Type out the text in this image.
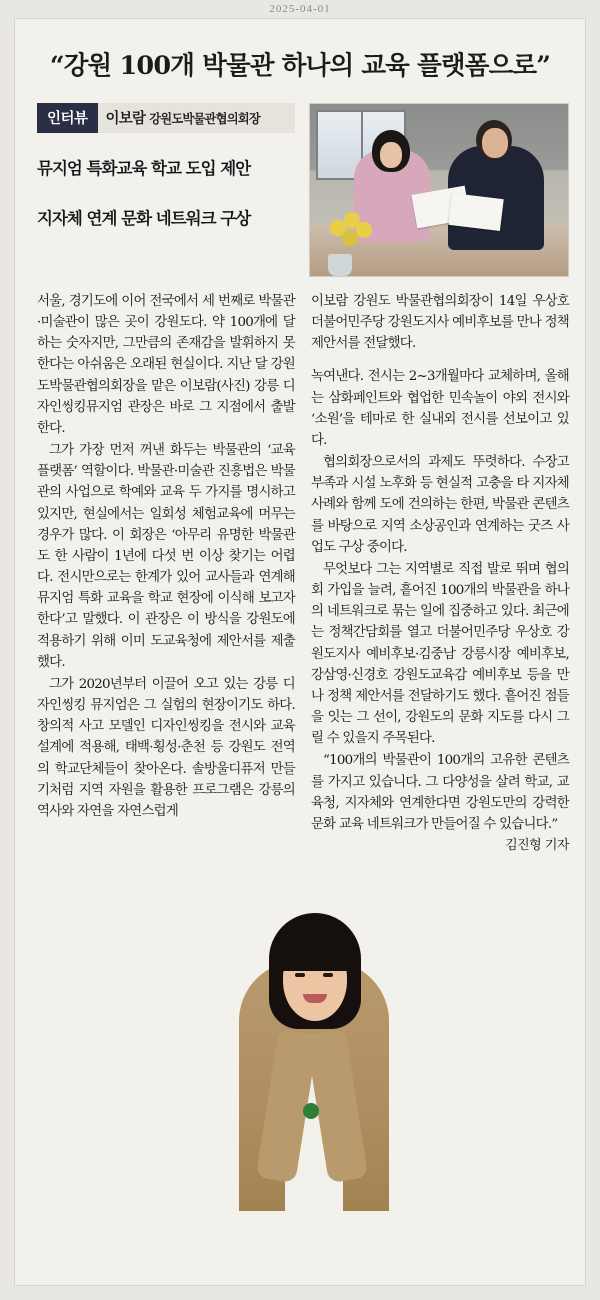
2025-04-01
“강원 100개 박물관 하나의 교육 플랫폼으로”
인터뷰	이보람 강원도박물관협의회장
뮤지엄 특화교육 학교 도입 제안
지자체 연계 문화 네트워크 구상

서울, 경기도에 이어 전국에서 세 번째로 박물관·미술관이 많은 곳이 강원도다. 약 100개에 달하는 숫자지만, 그만큼의 존재감을 발휘하지 못한다는 아쉬움은 오래된 현실이다. 지난 달 강원도박물관협의회장을 맡은 이보람(사진) 강릉 디자인씽킹뮤지엄 관장은 바로 그 지점에서 출발한다.

그가 가장 먼저 꺼낸 화두는 박물관의 ‘교육 플랫폼’ 역할이다. 박물관·미술관 진흥법은 박물관의 사업으로 학예와 교육 두 가지를 명시하고 있지만, 현실에서는 일회성 체험교육에 머무는 경우가 많다. 이 회장은 ‘아무리 유명한 박물관도 한 사람이 1년에 다섯 번 이상 찾기는 어렵다. 전시만으로는 한계가 있어 교사들과 연계해 뮤지엄 특화 교육을 학교 현장에 이식해 보고자 한다’고 말했다. 이 관장은 이 방식을 강원도에 적용하기 위해 이미 도교육청에 제안서를 제출했다.

그가 2020년부터 이끌어 오고 있는 강릉 디자인씽킹 뮤지엄은 그 실험의 현장이기도 하다. 창의적 사고 모델인 디자인씽킹을 전시와 교육 설계에 적용해, 태백·횡성·춘천 등 강원도 전역의 학교단체들이 찾아온다. 솔방울디퓨저 만들기처럼 지역 자원을 활용한 프로그램은 강릉의 역사와 자연을 자연스럽게

이보람 강원도 박물관협의회장이 14일 우상호 더불어민주당 강원도지사 예비후보를 만나 정책 제안서를 전달했다.

녹여낸다. 전시는 2~3개월마다 교체하며, 올해는 삼화페인트와 협업한 민속놀이 야외 전시와 ‘소원’을 테마로 한 실내외 전시를 선보이고 있다.

협의회장으로서의 과제도 뚜렷하다. 수장고 부족과 시설 노후화 등 현실적 고충을 타 지자체 사례와 함께 도에 건의하는 한편, 박물관 콘텐츠를 바탕으로 지역 소상공인과 연계하는 굿즈 사업도 구상 중이다.

무엇보다 그는 지역별로 직접 발로 뛰며 협의회 가입을 늘려, 흩어진 100개의 박물관을 하나의 네트워크로 묶는 일에 집중하고 있다. 최근에는 정책간담회를 열고 더불어민주당 우상호 강원도지사 예비후보·김중남 강릉시장 예비후보, 강삼영·신경호 강원도교육감 예비후보 등을 만나 정책 제안서를 전달하기도 했다. 흩어진 점들을 잇는 그 선이, 강원도의 문화 지도를 다시 그릴 수 있을지 주목된다.

“100개의 박물관이 100개의 고유한 콘텐츠를 가지고 있습니다. 그 다양성을 살려 학교, 교육청, 지자체와 연계한다면 강원도만의 강력한 문화 교육 네트워크가 만들어질 수 있습니다.”

김진형 기자
